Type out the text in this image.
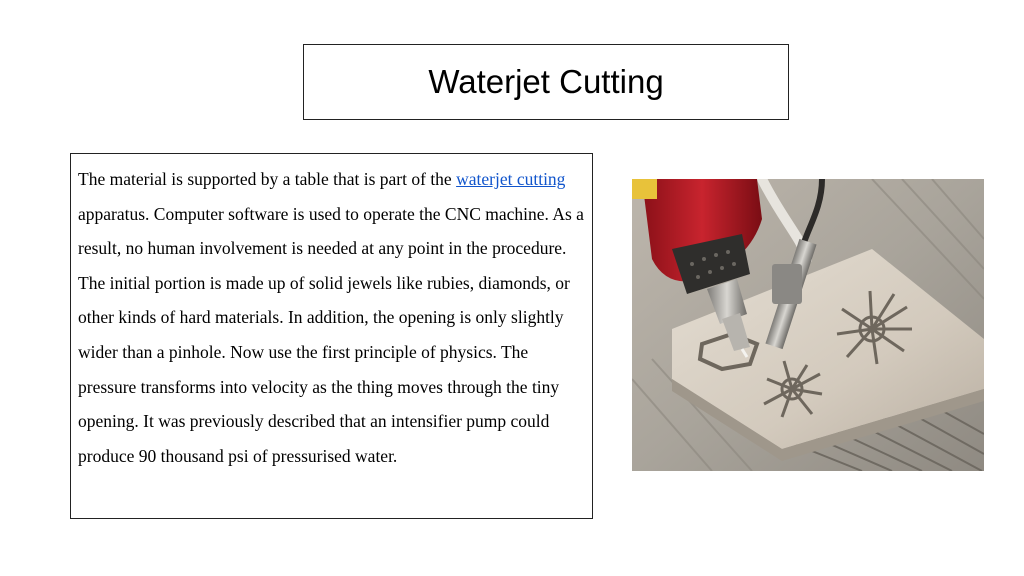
Waterjet Cutting

The material is supported by a table that is part of the waterjet cutting apparatus. Computer software is used to operate the CNC machine. As a result, no human involvement is needed at any point in the procedure. The initial portion is made up of solid jewels like rubies, diamonds, or other kinds of hard materials. In addition, the opening is only slightly wider than a pinhole. Now use the first principle of physics. The pressure transforms into velocity as the thing moves through the tiny opening. It was previously described that an intensifier pump could produce 90 thousand psi of pressurised water.
